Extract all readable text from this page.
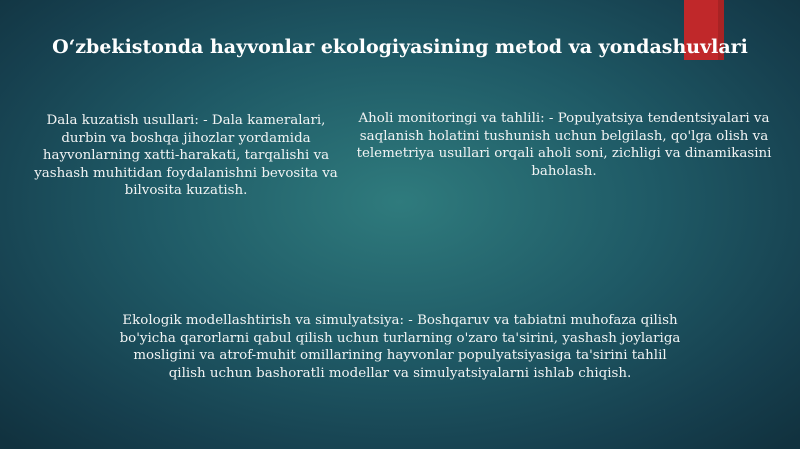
O‘zbekistonda hayvonlar ekologiyasining metod va yondashuvlari
Dala kuzatish usullari: - Dala kameralari, durbin va boshqa jihozlar yordamida hayvonlarning xatti-harakati, tarqalishi va yashash muhitidan foydalanishni bevosita va bilvosita kuzatish.
Aholi monitoringi va tahlili: - Populyatsiya tendentsiyalari va saqlanish holatini tushunish uchun belgilash, qo'lga olish va telemetriya usullari orqali aholi soni, zichligi va dinamikasini baholash.
Ekologik modellashtirish va simulyatsiya: - Boshqaruv va tabiatni muhofaza qilish bo'yicha qarorlarni qabul qilish uchun turlarning o'zaro ta'sirini, yashash joylariga mosligini va atrof-muhit omillarining hayvonlar populyatsiyasiga ta'sirini tahlil qilish uchun bashoratli modellar va simulyatsiyalarni ishlab chiqish.
